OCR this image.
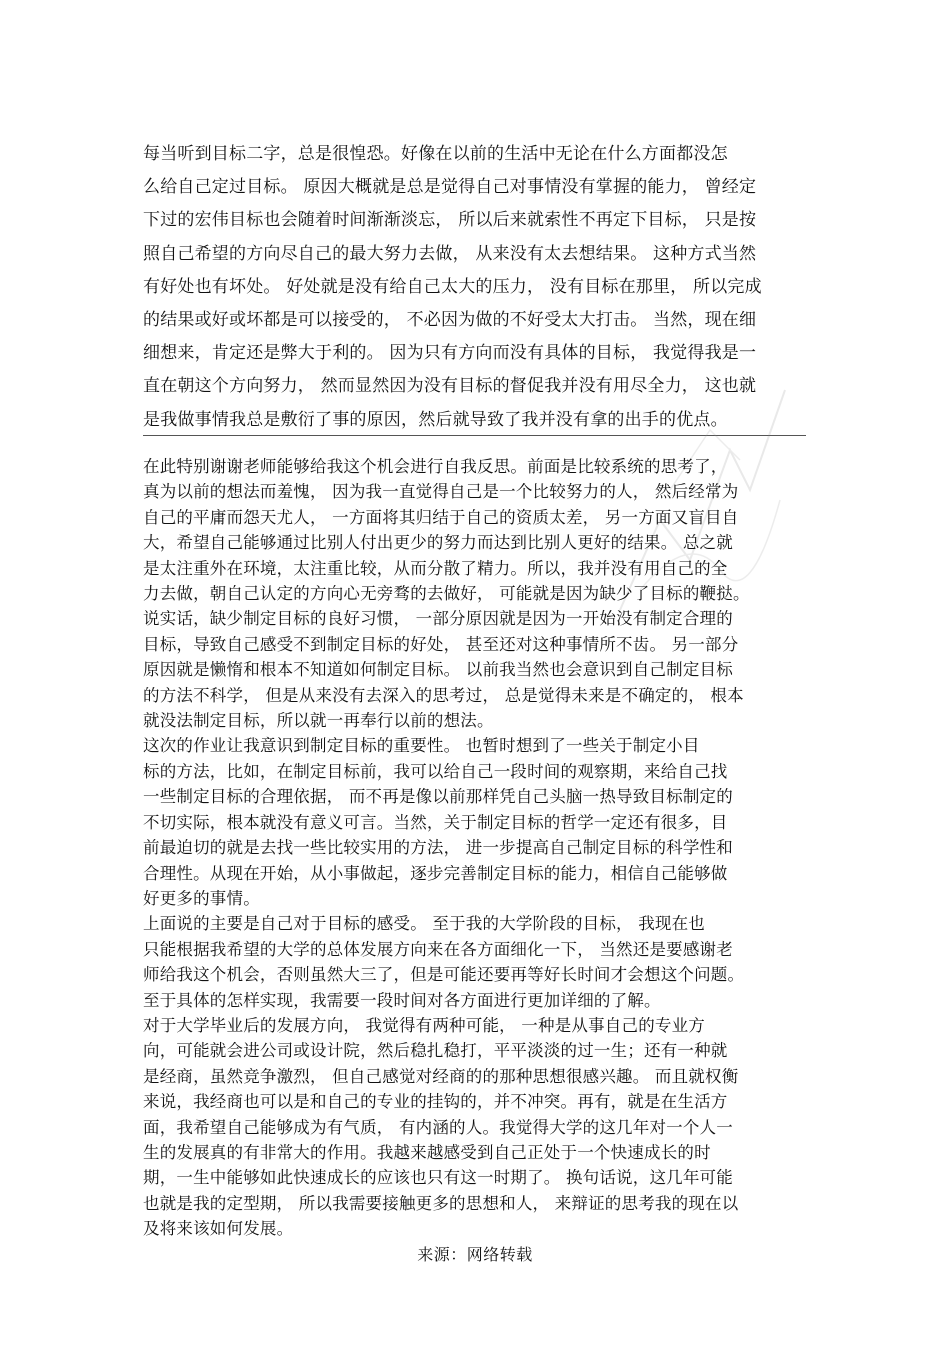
每当听到目标二字，总是很惶恐。好像在以前的生活中无论在什么方面都没怎
么给自己定过目标。 原因大概就是总是觉得自己对事情没有掌握的能力， 曾经定
下过的宏伟目标也会随着时间渐渐淡忘， 所以后来就索性不再定下目标， 只是按
照自己希望的方向尽自己的最大努力去做， 从来没有太去想结果。 这种方式当然
有好处也有坏处。 好处就是没有给自己太大的压力， 没有目标在那里， 所以完成
的结果或好或坏都是可以接受的， 不必因为做的不好受太大打击。 当然，现在细
细想来，肯定还是弊大于利的。 因为只有方向而没有具体的目标， 我觉得我是一
直在朝这个方向努力， 然而显然因为没有目标的督促我并没有用尽全力， 这也就
是我做事情我总是敷衍了事的原因，然后就导致了我并没有拿的出手的优点。
在此特别谢谢老师能够给我这个机会进行自我反思。前面是比较系统的思考了，
真为以前的想法而羞愧， 因为我一直觉得自己是一个比较努力的人， 然后经常为
自己的平庸而怨天尤人， 一方面将其归结于自己的资质太差， 另一方面又盲目自
大，希望自己能够通过比别人付出更少的努力而达到比别人更好的结果。 总之就
是太注重外在环境，太注重比较，从而分散了精力。所以，我并没有用自己的全
力去做，朝自己认定的方向心无旁骛的去做好， 可能就是因为缺少了目标的鞭挞。
说实话，缺少制定目标的良好习惯， 一部分原因就是因为一开始没有制定合理的
目标，导致自己感受不到制定目标的好处， 甚至还对这种事情所不齿。 另一部分
原因就是懒惰和根本不知道如何制定目标。 以前我当然也会意识到自己制定目标
的方法不科学， 但是从来没有去深入的思考过， 总是觉得未来是不确定的， 根本
就没法制定目标，所以就一再奉行以前的想法。
这次的作业让我意识到制定目标的重要性。 也暂时想到了一些关于制定小目
标的方法，比如，在制定目标前，我可以给自己一段时间的观察期，来给自己找
一些制定目标的合理依据， 而不再是像以前那样凭自己头脑一热导致目标制定的
不切实际，根本就没有意义可言。当然，关于制定目标的哲学一定还有很多，目
前最迫切的就是去找一些比较实用的方法， 进一步提高自己制定目标的科学性和
合理性。从现在开始，从小事做起，逐步完善制定目标的能力，相信自己能够做
好更多的事情。
上面说的主要是自己对于目标的感受。 至于我的大学阶段的目标， 我现在也
只能根据我希望的大学的总体发展方向来在各方面细化一下， 当然还是要感谢老
师给我这个机会，否则虽然大三了，但是可能还要再等好长时间才会想这个问题。
至于具体的怎样实现，我需要一段时间对各方面进行更加详细的了解。
对于大学毕业后的发展方向， 我觉得有两种可能， 一种是从事自己的专业方
向，可能就会进公司或设计院，然后稳扎稳打，平平淡淡的过一生；还有一种就
是经商，虽然竞争激烈， 但自己感觉对经商的的那种思想很感兴趣。 而且就权衡
来说，我经商也可以是和自己的专业的挂钩的，并不冲突。再有，就是在生活方
面，我希望自己能够成为有气质， 有内涵的人。我觉得大学的这几年对一个人一
生的发展真的有非常大的作用。我越来越感受到自己正处于一个快速成长的时
期，一生中能够如此快速成长的应该也只有这一时期了。 换句话说，这几年可能
也就是我的定型期， 所以我需要接触更多的思想和人， 来辩证的思考我的现在以
及将来该如何发展。
来源：网络转载
